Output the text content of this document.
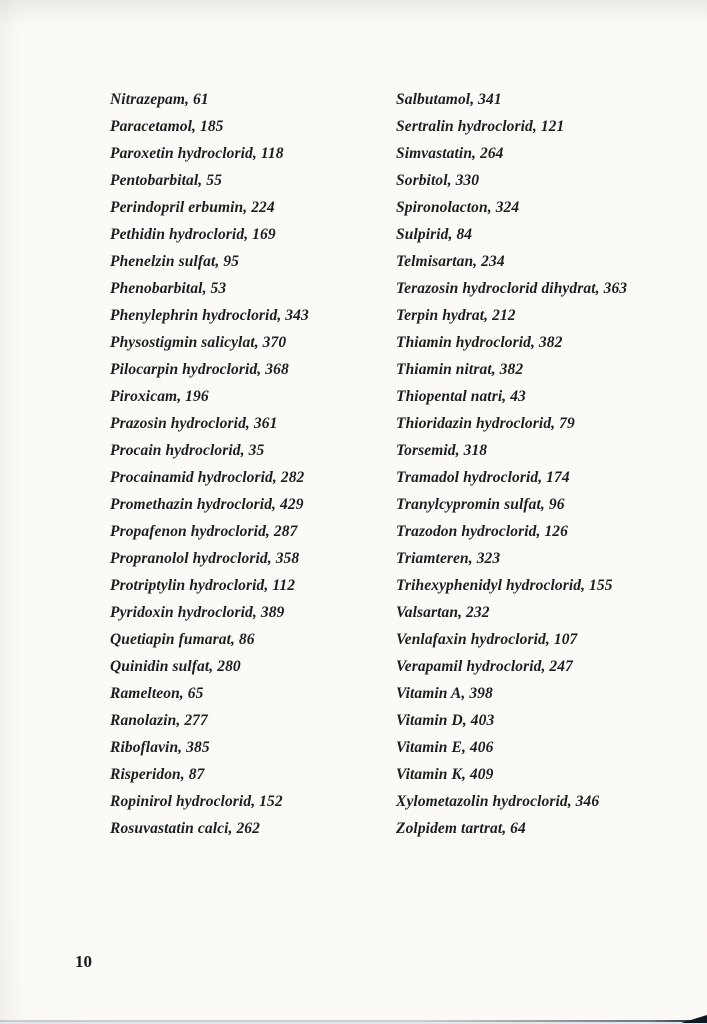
Nitrazepam, 61
Paracetamol, 185
Paroxetin hydroclorid, 118
Pentobarbital, 55
Perindopril erbumin, 224
Pethidin hydroclorid, 169
Phenelzin sulfat, 95
Phenobarbital, 53
Phenylephrin hydroclorid, 343
Physostigmin salicylat, 370
Pilocarpin hydroclorid, 368
Piroxicam, 196
Prazosin hydroclorid, 361
Procain hydroclorid, 35
Procainamid hydroclorid, 282
Promethazin hydroclorid, 429
Propafenon hydroclorid, 287
Propranolol hydroclorid, 358
Protriptylin hydroclorid, 112
Pyridoxin hydroclorid, 389
Quetiapin fumarat, 86
Quinidin sulfat, 280
Ramelteon, 65
Ranolazin, 277
Riboflavin, 385
Risperidon, 87
Ropinirol hydroclorid, 152
Rosuvastatin calci, 262
Salbutamol, 341
Sertralin hydroclorid, 121
Simvastatin, 264
Sorbitol, 330
Spironolacton, 324
Sulpirid, 84
Telmisartan, 234
Terazosin hydroclorid dihydrat, 363
Terpin hydrat, 212
Thiamin hydroclorid, 382
Thiamin nitrat, 382
Thiopental natri, 43
Thioridazin hydroclorid, 79
Torsemid, 318
Tramadol hydroclorid, 174
Tranylcypromin sulfat, 96
Trazodon hydroclorid, 126
Triamteren, 323
Trihexyphenidyl hydroclorid, 155
Valsartan, 232
Venlafaxin hydroclorid, 107
Verapamil hydroclorid, 247
Vitamin A, 398
Vitamin D, 403
Vitamin E, 406
Vitamin K, 409
Xylometazolin hydroclorid, 346
Zolpidem tartrat, 64
10
